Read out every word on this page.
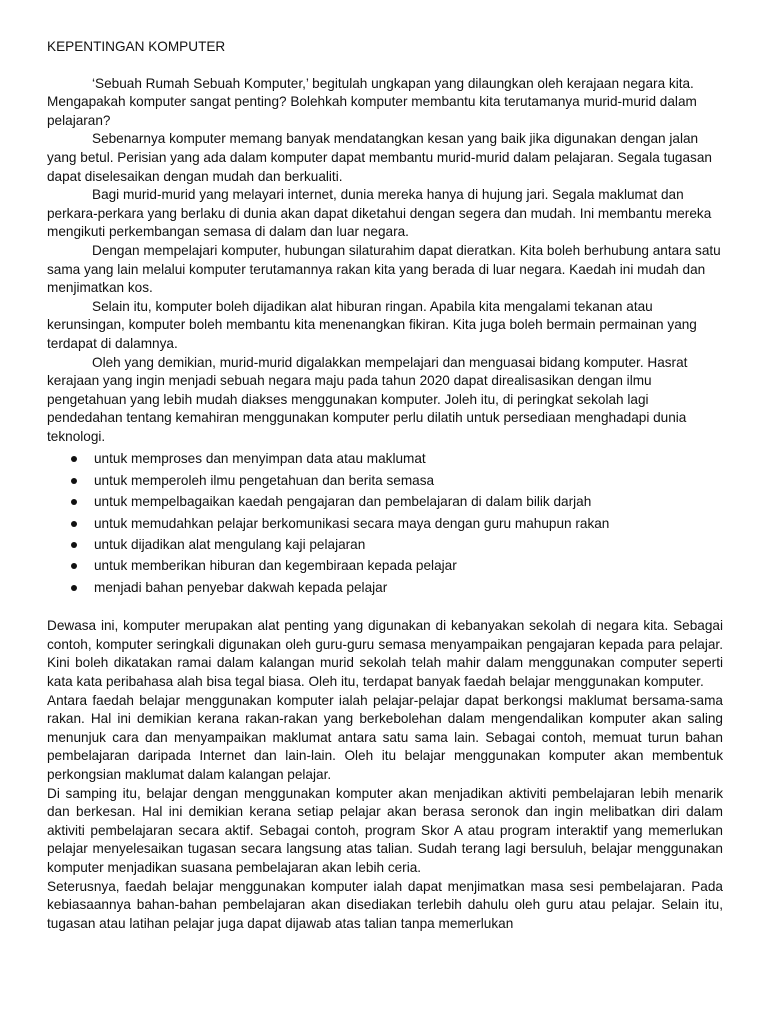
KEPENTINGAN KOMPUTER

‘Sebuah Rumah Sebuah Komputer,’ begitulah ungkapan yang dilaungkan oleh kerajaan negara kita. Mengapakah komputer sangat penting? Bolehkah komputer membantu kita terutamanya murid-murid dalam pelajaran?

Sebenarnya komputer memang banyak mendatangkan kesan yang baik jika digunakan dengan jalan yang betul. Perisian yang ada dalam komputer dapat membantu murid-murid dalam pelajaran. Segala tugasan dapat diselesaikan dengan mudah dan berkualiti.

Bagi murid-murid yang melayari internet, dunia mereka hanya di hujung jari. Segala maklumat dan perkara-perkara yang berlaku di dunia akan dapat diketahui dengan segera dan mudah. Ini membantu mereka mengikuti perkembangan semasa di dalam dan luar negara.

Dengan mempelajari komputer, hubungan silaturahim dapat dieratkan. Kita boleh berhubung antara satu sama yang lain melalui komputer terutamannya rakan kita yang berada di luar negara. Kaedah ini mudah dan menjimatkan kos.

Selain itu, komputer boleh dijadikan alat hiburan ringan. Apabila kita mengalami tekanan atau kerunsingan, komputer boleh membantu kita menenangkan fikiran. Kita juga boleh bermain permainan yang terdapat di dalamnya.

Oleh yang demikian, murid-murid digalakkan mempelajari dan menguasai bidang komputer. Hasrat kerajaan yang ingin menjadi sebuah negara maju pada tahun 2020 dapat direalisasikan dengan ilmu pengetahuan yang lebih mudah diakses menggunakan komputer. Joleh itu, di peringkat sekolah lagi pendedahan tentang kemahiran menggunakan komputer perlu dilatih untuk persediaan menghadapi dunia teknologi.

untuk memproses dan menyimpan data atau maklumat
untuk memperoleh ilmu pengetahuan dan berita semasa
untuk mempelbagaikan kaedah pengajaran dan pembelajaran di dalam bilik darjah
untuk memudahkan pelajar berkomunikasi secara maya dengan guru mahupun rakan
untuk dijadikan alat mengulang kaji pelajaran
untuk memberikan hiburan dan kegembiraan kepada pelajar
menjadi bahan penyebar dakwah kepada pelajar

Dewasa ini, komputer merupakan alat penting yang digunakan di kebanyakan sekolah di negara kita. Sebagai contoh, komputer seringkali digunakan oleh guru-guru semasa menyampaikan pengajaran kepada para pelajar. Kini boleh dikatakan ramai dalam kalangan murid sekolah telah mahir dalam menggunakan computer seperti kata kata peribahasa alah bisa tegal biasa. Oleh itu, terdapat banyak faedah belajar menggunakan komputer.

Antara faedah belajar menggunakan komputer ialah pelajar-pelajar dapat berkongsi maklumat bersama-sama rakan. Hal ini demikian kerana rakan-rakan yang berkebolehan dalam mengendalikan komputer akan saling menunjuk cara dan menyampaikan maklumat antara satu sama lain. Sebagai contoh, memuat turun bahan pembelajaran daripada Internet dan lain-lain. Oleh itu belajar menggunakan komputer akan membentuk perkongsian maklumat dalam kalangan pelajar.

Di samping itu, belajar dengan menggunakan komputer akan menjadikan aktiviti pembelajaran lebih menarik dan berkesan. Hal ini demikian kerana setiap pelajar akan berasa seronok dan ingin melibatkan diri dalam aktiviti pembelajaran secara aktif. Sebagai contoh, program Skor A atau program interaktif yang memerlukan pelajar menyelesaikan tugasan secara langsung atas talian. Sudah terang lagi bersuluh, belajar menggunakan komputer menjadikan suasana pembelajaran akan lebih ceria.

Seterusnya, faedah belajar menggunakan komputer ialah dapat menjimatkan masa sesi pembelajaran. Pada kebiasaannya bahan-bahan pembelajaran akan disediakan terlebih dahulu oleh guru atau pelajar. Selain itu, tugasan atau latihan pelajar juga dapat dijawab atas talian tanpa memerlukan
